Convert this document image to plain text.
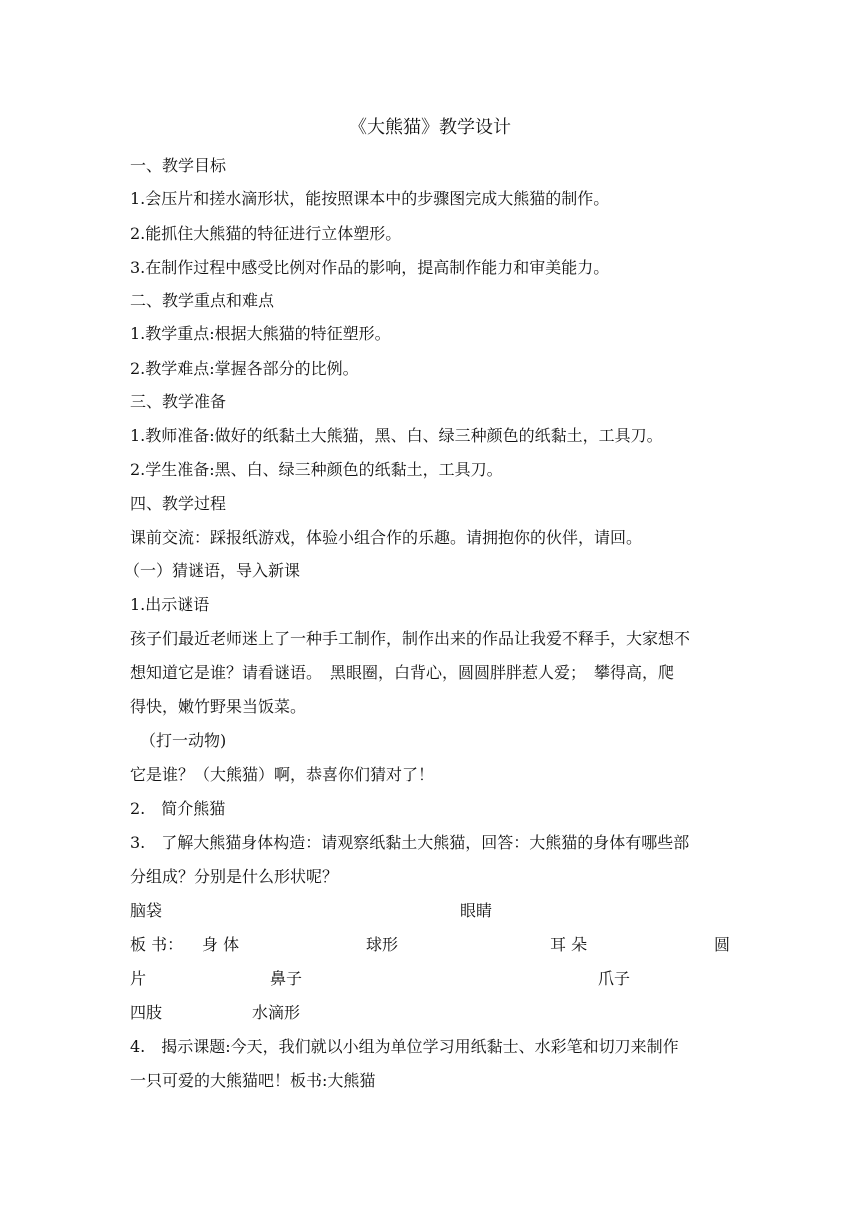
《大熊猫》教学设计
一、教学目标
1.会压片和搓水滴形状，能按照课本中的步骤图完成大熊猫的制作。
2.能抓住大熊猫的特征进行立体塑形。
3.在制作过程中感受比例对作品的影响，提高制作能力和审美能力。
二、教学重点和难点
1.教学重点:根据大熊猫的特征塑形。
2.教学难点:掌握各部分的比例。
三、教学准备
1.教师准备:做好的纸黏土大熊猫，黑、白、绿三种颜色的纸黏土，工具刀。
2.学生准备:黑、白、绿三种颜色的纸黏土，工具刀。
四、教学过程
课前交流：踩报纸游戏，体验小组合作的乐趣。请拥抱你的伙伴，请回。
（一）猜谜语，导入新课
1.出示谜语
孩子们最近老师迷上了一种手工制作，制作出来的作品让我爱不释手，大家想不
想知道它是谁？请看谜语。　黑眼圈，白背心，圆圆胖胖惹人爱；　攀得高，爬
得快，嫩竹野果当饭菜。
（打一动物)
它是谁？（大熊猫）啊，恭喜你们猜对了！
2.　简介熊猫
3.　了解大熊猫身体构造：请观察纸黏土大熊猫，回答：大熊猫的身体有哪些部
分组成？分别是什么形状呢？
脑袋	眼睛
板 书： 身 体	球形	耳 朵	圆
片	鼻子	爪子
四肢	水滴形
4.　揭示课题:今天，我们就以小组为单位学习用纸黏士、水彩笔和切刀来制作
一只可爱的大熊猫吧！板书:大熊猫
